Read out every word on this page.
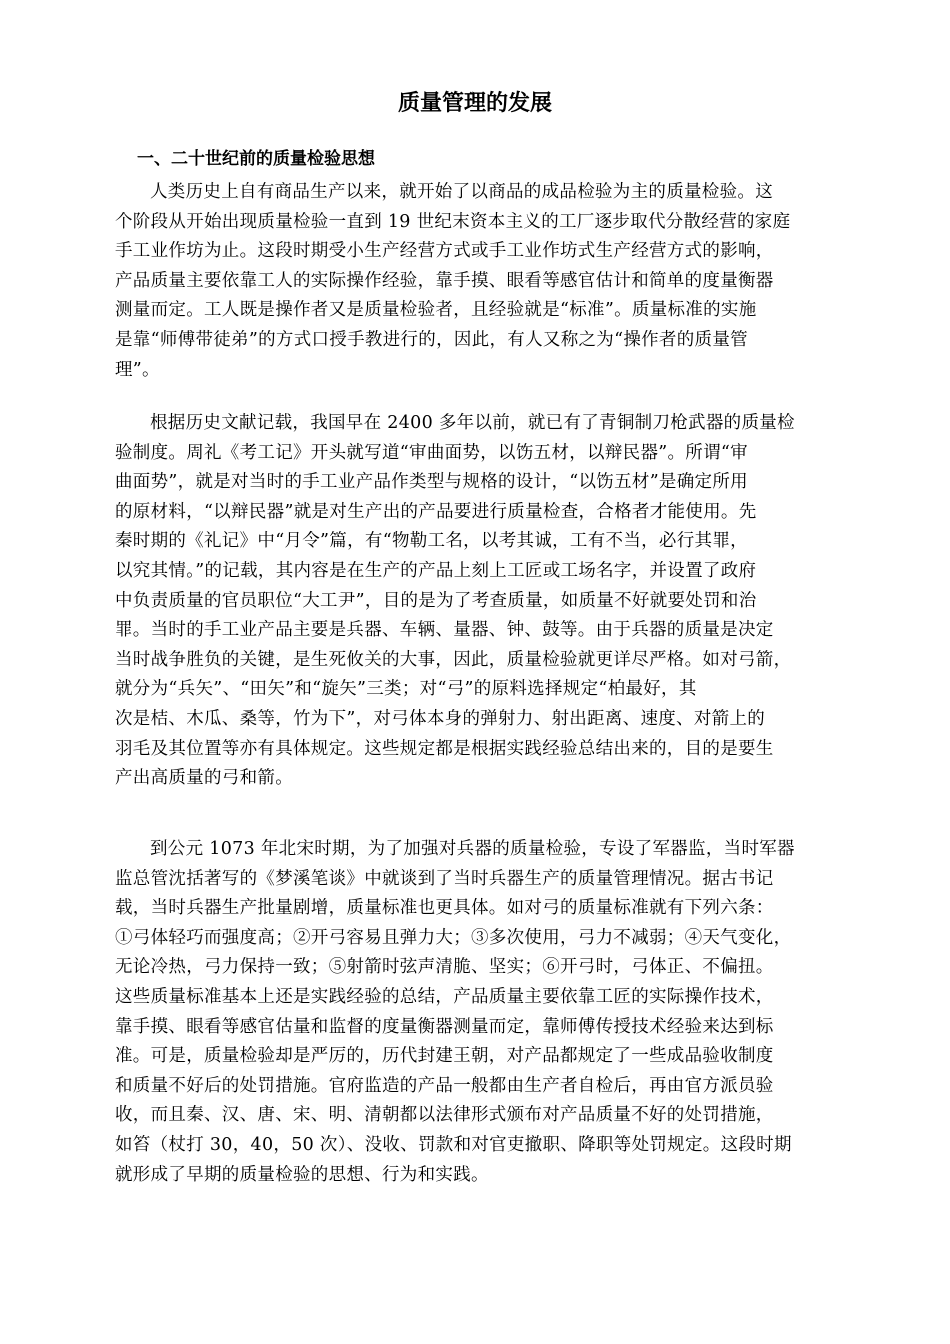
质量管理的发展
一、二十世纪前的质量检验思想

人类历史上自有商品生产以来，就开始了以商品的成品检验为主的质量检验。这
个阶段从开始出现质量检验一直到 19 世纪末资本主义的工厂逐步取代分散经营的家庭
手工业作坊为止。这段时期受小生产经营方式或手工业作坊式生产经营方式的影响，
产品质量主要依靠工人的实际操作经验，靠手摸、眼看等感官估计和简单的度量衡器
测量而定。工人既是操作者又是质量检验者，且经验就是“标准”。质量标准的实施
是靠“师傅带徒弟”的方式口授手教进行的，因此，有人又称之为“操作者的质量管
理”。

根据历史文献记载，我国早在 2400 多年以前，就已有了青铜制刀枪武器的质量检
验制度。周礼《考工记》开头就写道“审曲面势，以饬五材，以辩民器”。所谓“审
曲面势”，就是对当时的手工业产品作类型与规格的设计，“以饬五材”是确定所用
的原材料，“以辩民器”就是对生产出的产品要进行质量检查，合格者才能使用。先
秦时期的《礼记》中“月令”篇，有“物勒工名，以考其诚，工有不当，必行其罪，
以究其情。”的记载，其内容是在生产的产品上刻上工匠或工场名字，并设置了政府
中负责质量的官员职位“大工尹”，目的是为了考查质量，如质量不好就要处罚和治
罪。当时的手工业产品主要是兵器、车辆、量器、钟、鼓等。由于兵器的质量是决定
当时战争胜负的关键，是生死攸关的大事，因此，质量检验就更详尽严格。如对弓箭，
就分为“兵矢”、“田矢”和“旋矢”三类；对“弓”的原料选择规定“柏最好，其
次是桔、木瓜、桑等，竹为下”，对弓体本身的弹射力、射出距离、速度、对箭上的
羽毛及其位置等亦有具体规定。这些规定都是根据实践经验总结出来的，目的是要生
产出高质量的弓和箭。

到公元 1073 年北宋时期，为了加强对兵器的质量检验，专设了军器监，当时军器
监总管沈括著写的《梦溪笔谈》中就谈到了当时兵器生产的质量管理情况。据古书记
载，当时兵器生产批量剧增，质量标准也更具体。如对弓的质量标准就有下列六条：
①弓体轻巧而强度高；②开弓容易且弹力大；③多次使用，弓力不减弱；④天气变化，
无论冷热，弓力保持一致；⑤射箭时弦声清脆、坚实；⑥开弓时，弓体正、不偏扭。
这些质量标准基本上还是实践经验的总结，产品质量主要依靠工匠的实际操作技术，
靠手摸、眼看等感官估量和监督的度量衡器测量而定，靠师傅传授技术经验来达到标
准。可是，质量检验却是严厉的，历代封建王朝，对产品都规定了一些成品验收制度
和质量不好后的处罚措施。官府监造的产品一般都由生产者自检后，再由官方派员验
收，而且秦、汉、唐、宋、明、清朝都以法律形式颁布对产品质量不好的处罚措施，
如笞（杖打 30，40，50 次）、没收、罚款和对官吏撤职、降职等处罚规定。这段时期
就形成了早期的质量检验的思想、行为和实践。
